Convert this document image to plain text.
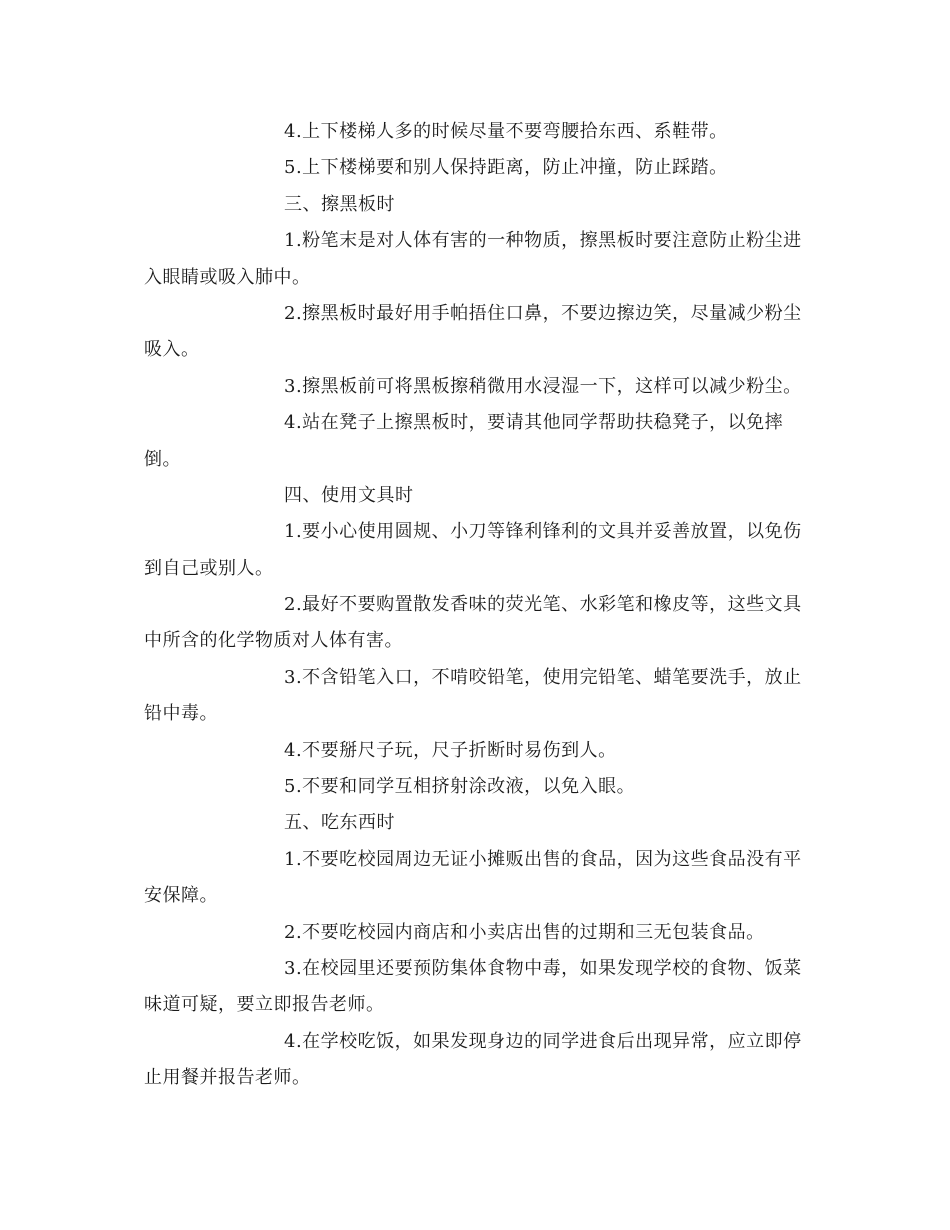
4.上下楼梯人多的时候尽量不要弯腰拾东西、系鞋带。
5.上下楼梯要和别人保持距离，防止冲撞，防止踩踏。
三、擦黑板时
1.粉笔末是对人体有害的一种物质，擦黑板时要注意防止粉尘进
入眼睛或吸入肺中。
2.擦黑板时最好用手帕捂住口鼻，不要边擦边笑，尽量减少粉尘
吸入。
3.擦黑板前可将黑板擦稍微用水浸湿一下，这样可以减少粉尘。
4.站在凳子上擦黑板时，要请其他同学帮助扶稳凳子，以免摔
倒。
四、使用文具时
1.要小心使用圆规、小刀等锋利锋利的文具并妥善放置，以免伤
到自己或别人。
2.最好不要购置散发香味的荧光笔、水彩笔和橡皮等，这些文具
中所含的化学物质对人体有害。
3.不含铅笔入口，不啃咬铅笔，使用完铅笔、蜡笔要洗手，放止
铅中毒。
4.不要掰尺子玩，尺子折断时易伤到人。
5.不要和同学互相挤射涂改液，以免入眼。
五、吃东西时
1.不要吃校园周边无证小摊贩出售的食品，因为这些食品没有平
安保障。
2.不要吃校园内商店和小卖店出售的过期和三无包装食品。
3.在校园里还要预防集体食物中毒，如果发现学校的食物、饭菜
味道可疑，要立即报告老师。
4.在学校吃饭，如果发现身边的同学进食后出现异常，应立即停
止用餐并报告老师。
